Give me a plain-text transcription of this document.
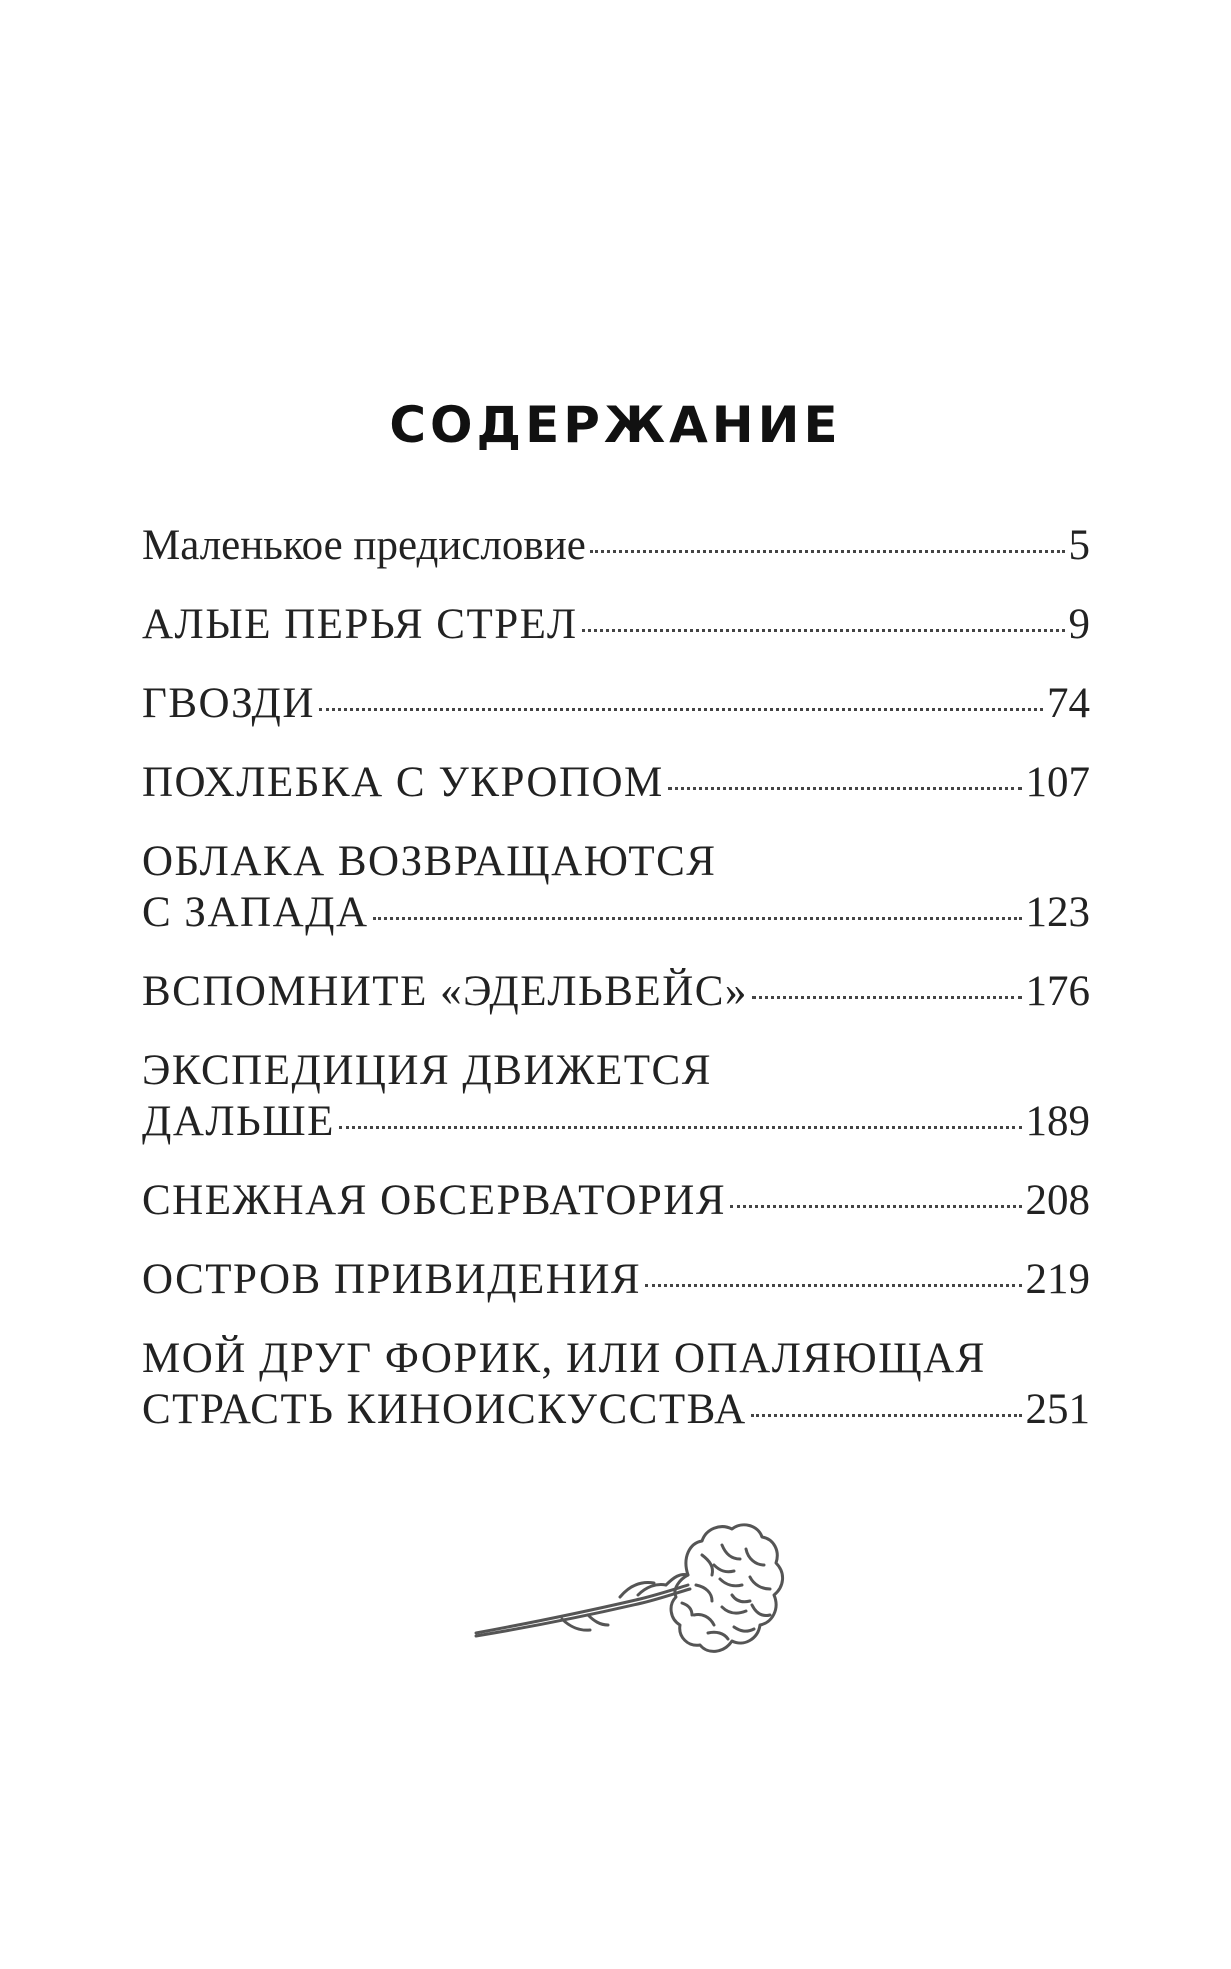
СОДЕРЖАНИЕ
Маленькое предисловие	5
АЛЫЕ ПЕРЬЯ СТРЕЛ	9
ГВОЗДИ	74
ПОХЛЕБКА С УКРОПОМ	107
ОБЛАКА ВОЗВРАЩАЮТСЯ
С ЗАПАДА	123
ВСПОМНИТЕ «ЭДЕЛЬВЕЙС»	176
ЭКСПЕДИЦИЯ ДВИЖЕТСЯ
ДАЛЬШЕ	189
СНЕЖНАЯ ОБСЕРВАТОРИЯ	208
ОСТРОВ ПРИВИДЕНИЯ	219
МОЙ ДРУГ ФОРИК, ИЛИ ОПАЛЯЮЩАЯ
СТРАСТЬ КИНОИСКУССТВА	251
